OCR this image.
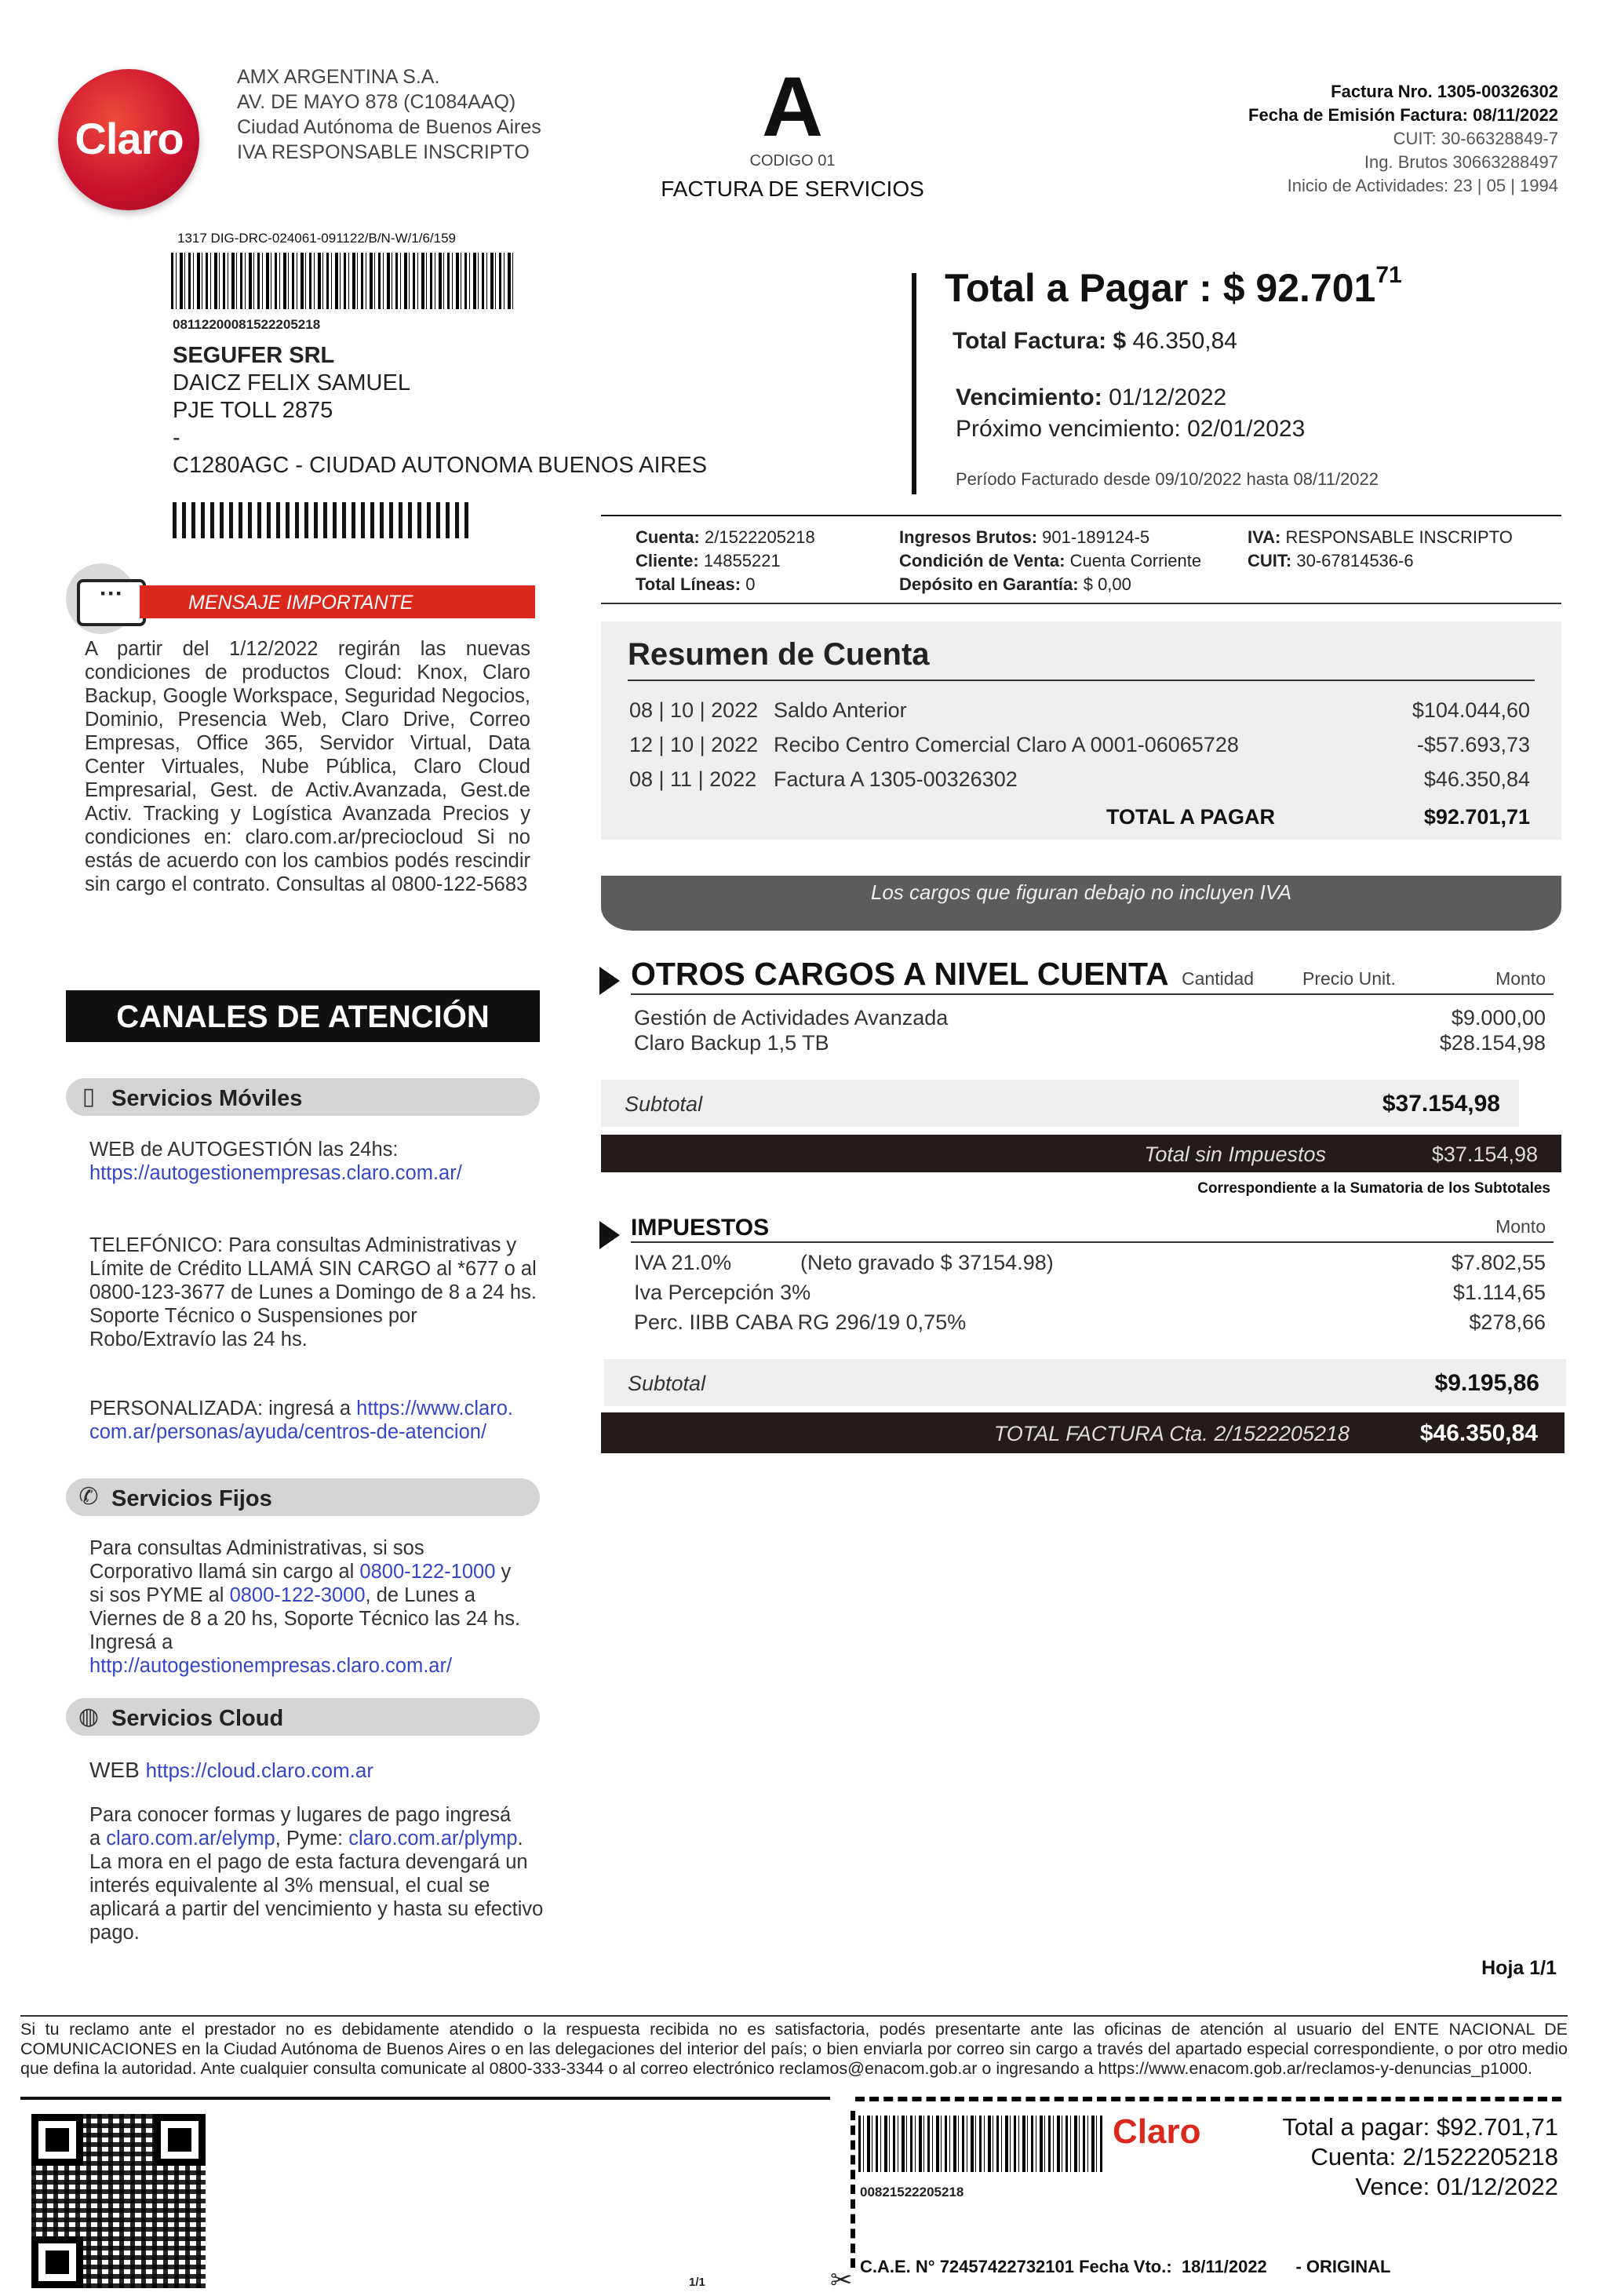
Claro
AMX ARGENTINA S.A.
AV. DE MAYO 878 (C1084AAQ)
Ciudad Autónoma de Buenos Aires
IVA RESPONSABLE INSCRIPTO	A
CODIGO 01
FACTURA DE SERVICIOS
Factura Nro. 1305-00326302
Fecha de Emisión Factura: 08/11/2022
CUIT: 30-66328849-7
Ing. Brutos 30663288497
Inicio de Actividades: 23 | 05 | 1994
1317 DIG-DRC-024061-091122/B/N-W/1/6/159
08112200081522205218
SEGUFER SRL
DAICZ FELIX SAMUEL
PJE TOLL 2875
-
C1280AGC - CIUDAD AUTONOMA BUENOS AIRES
Total a Pagar : $ 92.701$^{71}$
Total Factura: $ 46.350,84
Vencimiento: 01/12/2022
Próximo vencimiento: 02/01/2023
Período Facturado desde 09/10/2022 hasta 08/11/2022
Cuenta: 2/1522205218
Cliente: 14855221
Total Líneas: 0
Ingresos Brutos: 901-189124-5
Condición de Venta: Cuenta Corriente
Depósito en Garantía: $ 0,00
IVA: RESPONSABLE INSCRIPTO
CUIT: 30-67814536-6
···	MENSAJE IMPORTANTE
A partir del 1/12/2022 regirán las nuevas condiciones de productos Cloud: Knox, Claro Backup, Google Workspace, Seguridad Negocios, Dominio, Presencia Web, Claro Drive, Correo Empresas, Office 365, Servidor Virtual, Data Center Virtuales, Nube Pública, Claro Cloud Empresarial, Gest. de Activ.Avanzada, Gest.de Activ. Tracking y Logística Avanzada Precios y condiciones en: claro.com.ar/preciocloud Si no estás de acuerdo con los cambios podés rescindir sin cargo el contrato. Consultas al 0800-122-5683
CANALES DE ATENCIÓN
▯ Servicios Móviles
WEB de AUTOGESTIÓN las 24hs:
https://autogestionempresas.claro.com.ar/
TELEFÓNICO: Para consultas Administrativas y Límite de Crédito LLAMÁ SIN CARGO al *677 o al 0800-123-3677 de Lunes a Domingo de 8 a 24 hs. Soporte Técnico o Suspensiones por Robo/Extravío las 24 hs.
PERSONALIZADA: ingresá a https://www.claro.
com.ar/personas/ayuda/centros-de-atencion/
✆ Servicios Fijos
Para consultas Administrativas, si sos
Corporativo llamá sin cargo al 0800-122-1000 y
si sos PYME al 0800-122-3000, de Lunes a
Viernes de 8 a 20 hs, Soporte Técnico las 24 hs.
Ingresá a
http://autogestionempresas.claro.com.ar/
◍ Servicios Cloud
WEB https://cloud.claro.com.ar
Para conocer formas y lugares de pago ingresá
a claro.com.ar/elymp, Pyme: claro.com.ar/plymp.
La mora en el pago de esta factura devengará un interés equivalente al 3% mensual, el cual se aplicará a partir del vencimiento y hasta su efectivo pago.
Resumen de Cuenta
08 | 10 | 2022 Saldo Anterior	$104.044,60
12 | 10 | 2022 Recibo Centro Comercial Claro A 0001-06065728	-$57.693,73
08 | 11 | 2022 Factura A 1305-00326302	$46.350,84
TOTAL A PAGAR	$92.701,71
Los cargos que figuran debajo no incluyen IVA
OTROS CARGOS A NIVEL CUENTA Cantidad	Precio Unit.	Monto
Gestión de Actividades Avanzada	$9.000,00
Claro Backup 1,5 TB	$28.154,98
Subtotal	$37.154,98
Total sin Impuestos	$37.154,98
Correspondiente a la Sumatoria de los Subtotales
IMPUESTOS	Monto
IVA 21.0%	(Neto gravado $ 37154.98)	$7.802,55
Iva Percepción 3%	$1.114,65
Perc. IIBB CABA RG 296/19 0,75%	$278,66
Subtotal	$9.195,86
TOTAL FACTURA Cta. 2/1522205218	$46.350,84
Hoja 1/1
Si tu reclamo ante el prestador no es debidamente atendido o la respuesta recibida no es satisfactoria, podés presentarte ante las oficinas de atención al usuario del ENTE NACIONAL DE COMUNICACIONES en la Ciudad Autónoma de Buenos Aires o en las delegaciones del interior del país; o bien enviarla por correo sin cargo a través del apartado especial correspondiente, o por otro medio que defina la autoridad. Ante cualquier consulta comunicate al 0800-333-3344 o al correo electrónico reclamos@enacom.gob.ar o ingresando a https://www.enacom.gob.ar/reclamos-y-denuncias_p1000.
00821522205218
Claro	Total a pagar: $92.701,71
Cuenta: 2/1522205218
Vence: 01/12/2022
C.A.E. N° 72457422732101 Fecha Vto.:  18/11/2022      - ORIGINAL
1/1	✂
